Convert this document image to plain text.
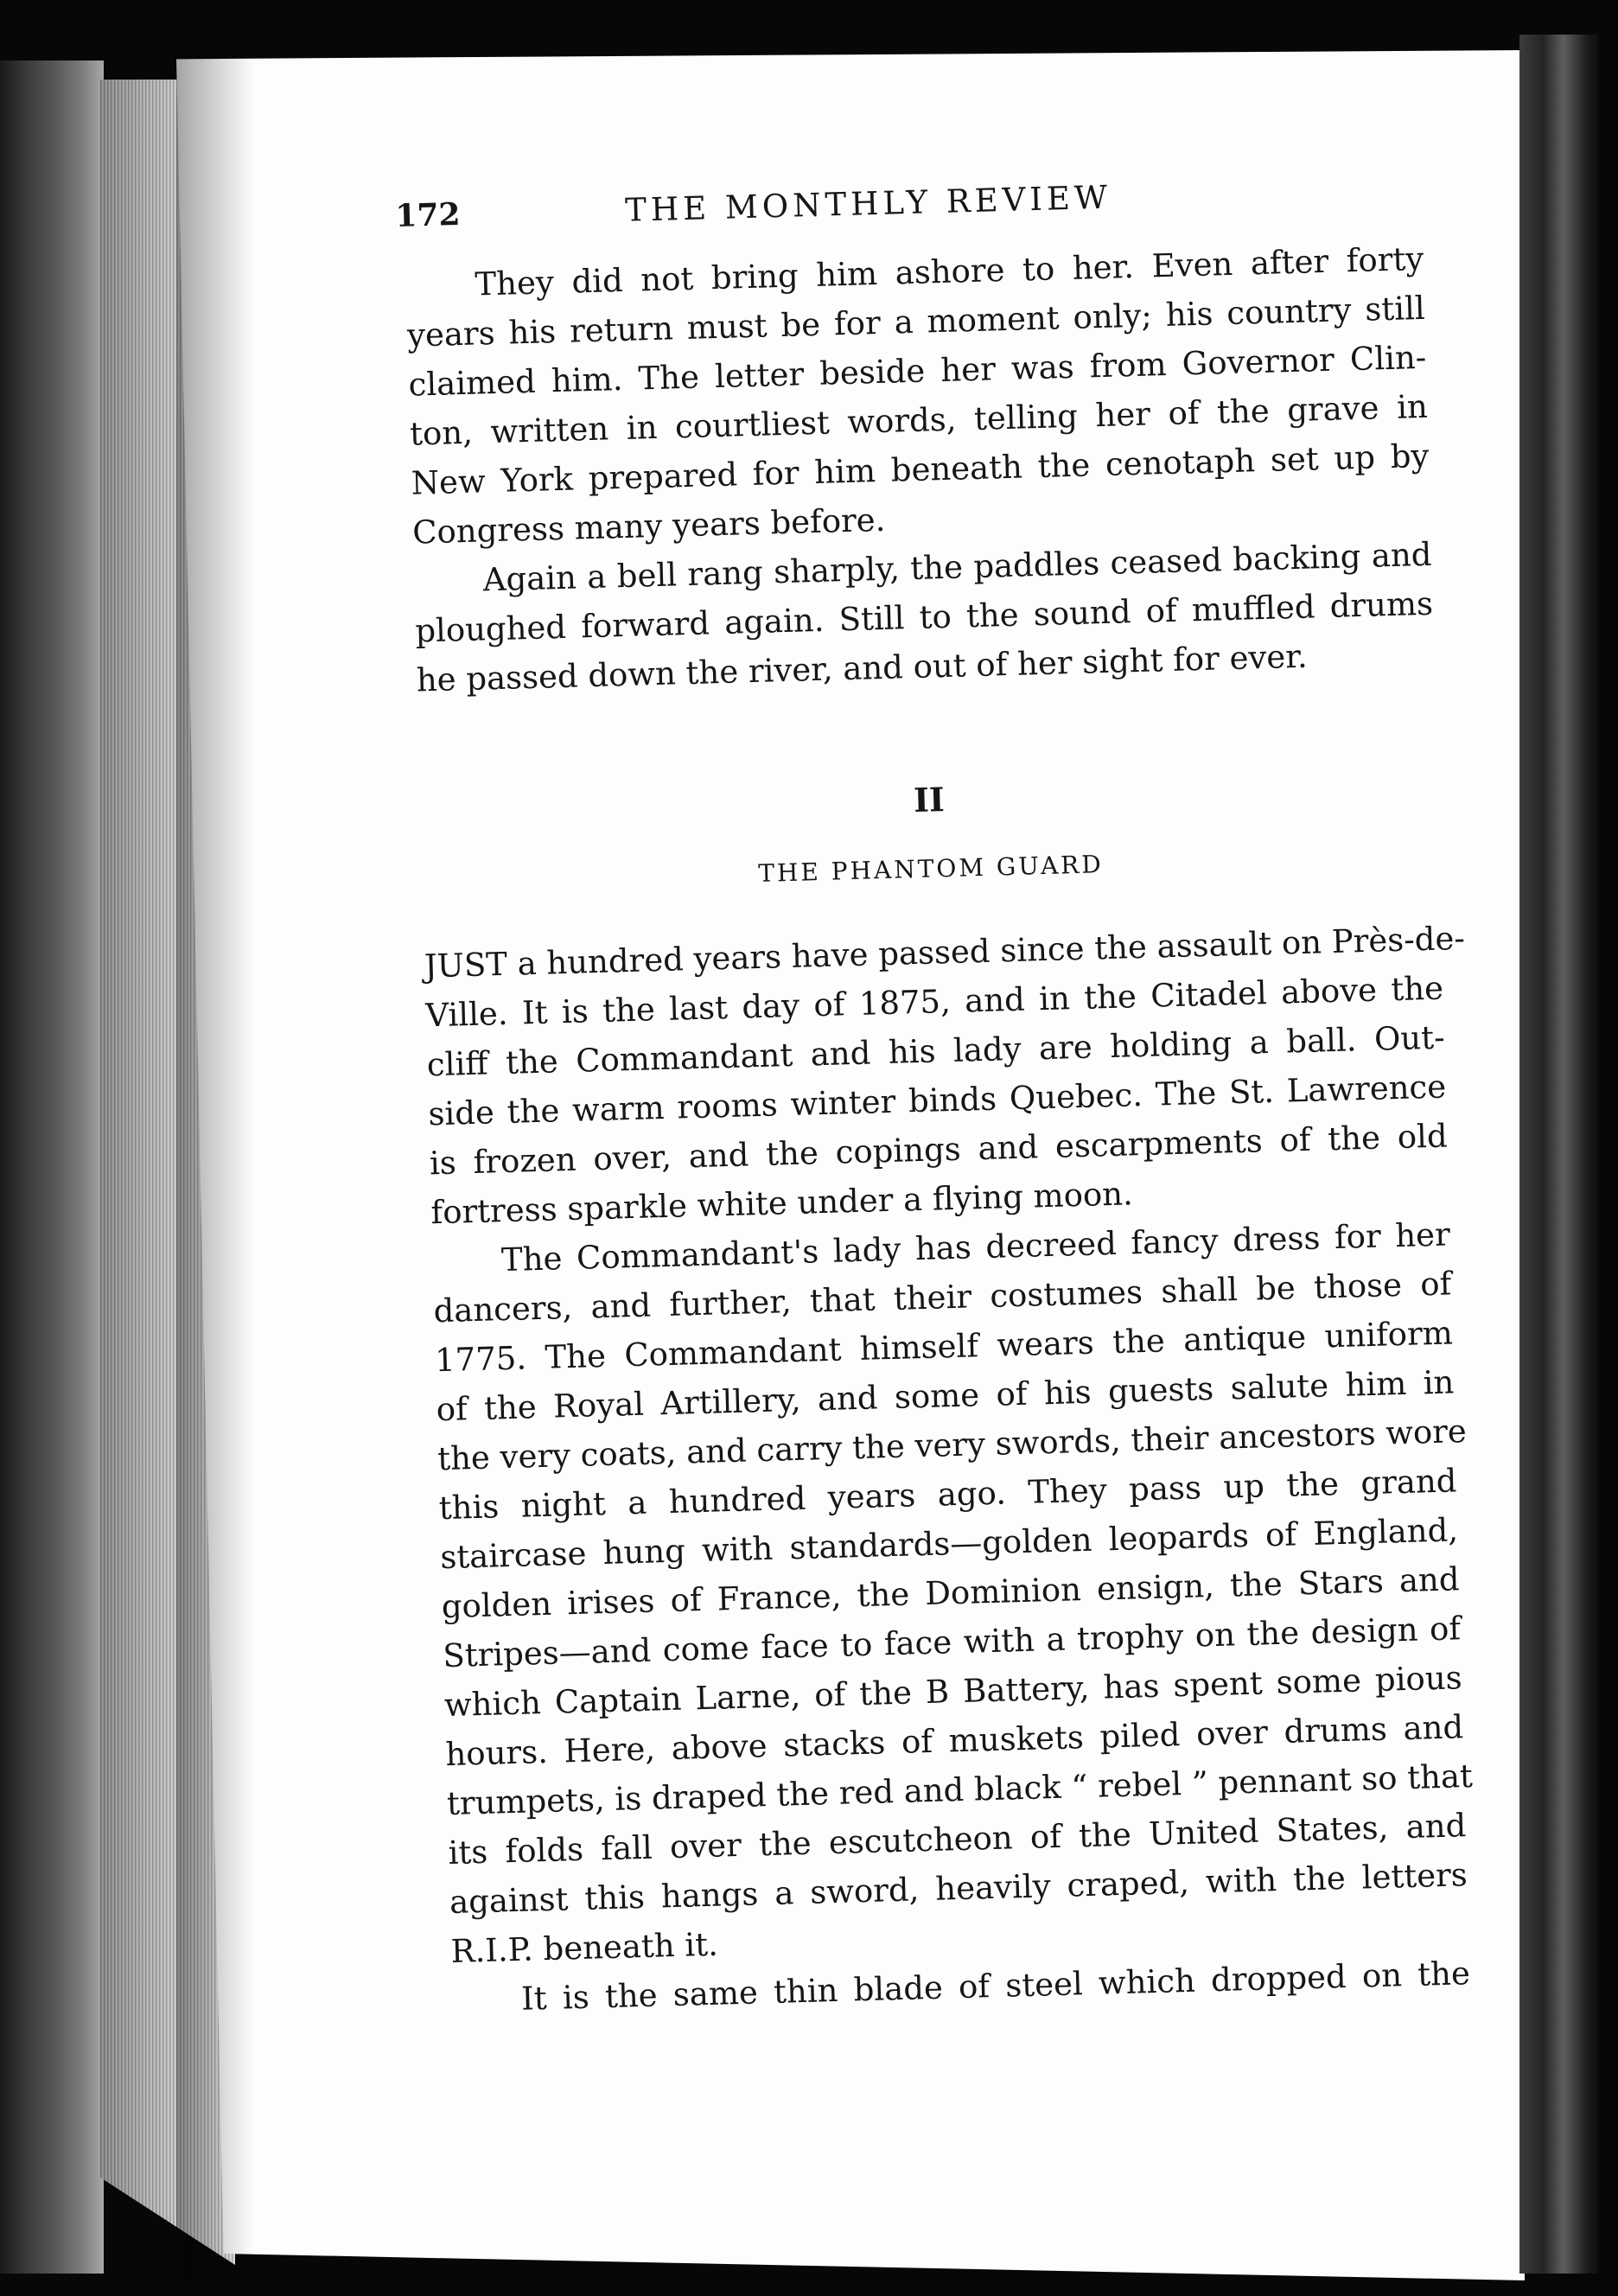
172	THE MONTHLY REVIEW
They did not bring him ashore to her. Even after forty
years his return must be for a moment only; his country still
claimed him. The letter beside her was from Governor Clin-
ton, written in courtliest words, telling her of the grave in
New York prepared for him beneath the cenotaph set up by
Congress many years before.
Again a bell rang sharply, the paddles ceased backing and
ploughed forward again. Still to the sound of muffled drums
he passed down the river, and out of her sight for ever.
II
THE PHANTOM GUARD
JUST a hundred years have passed since the assault on Près-de-
Ville. It is the last day of 1875, and in the Citadel above the
cliff the Commandant and his lady are holding a ball. Out-
side the warm rooms winter binds Quebec. The St. Lawrence
is frozen over, and the copings and escarpments of the old
fortress sparkle white under a flying moon.
The Commandant's lady has decreed fancy dress for her
dancers, and further, that their costumes shall be those of
1775. The Commandant himself wears the antique uniform
of the Royal Artillery, and some of his guests salute him in
the very coats, and carry the very swords, their ancestors wore
this night a hundred years ago. They pass up the grand
staircase hung with standards—golden leopards of England,
golden irises of France, the Dominion ensign, the Stars and
Stripes—and come face to face with a trophy on the design of
which Captain Larne, of the B Battery, has spent some pious
hours. Here, above stacks of muskets piled over drums and
trumpets, is draped the red and black “ rebel ” pennant so that
its folds fall over the escutcheon of the United States, and
against this hangs a sword, heavily craped, with the letters
R.I.P. beneath it.
It is the same thin blade of steel which dropped on the
